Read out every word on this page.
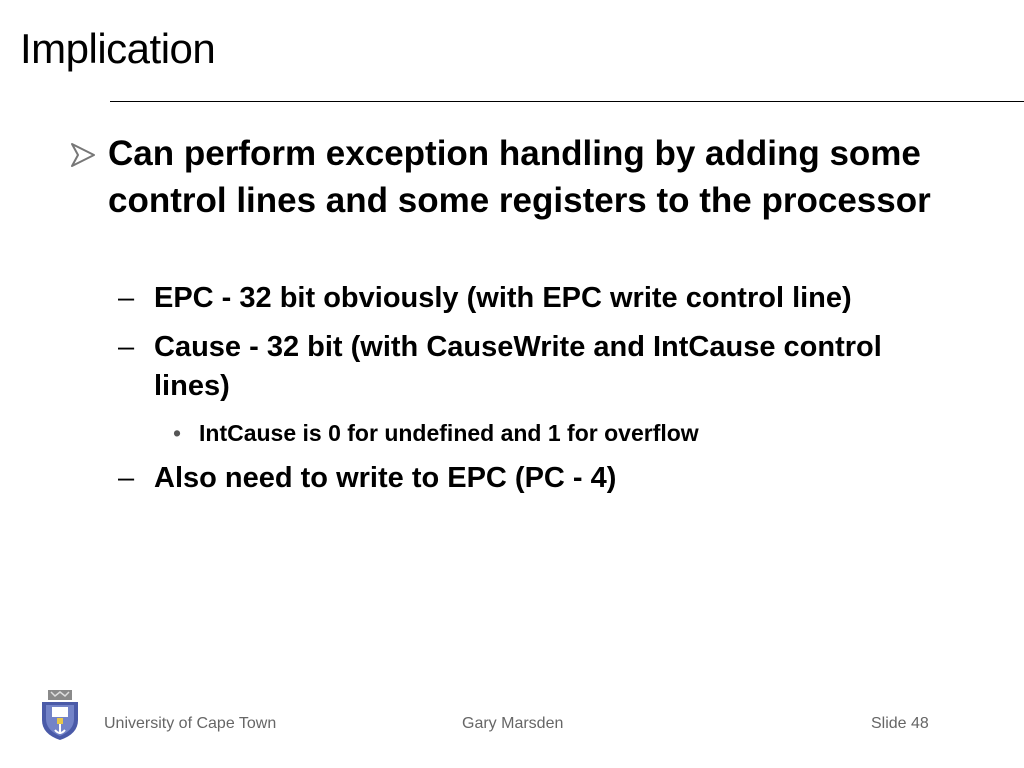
Implication
Can perform exception handling by adding some control lines and some registers to the processor
– EPC - 32 bit obviously (with EPC write control line)
– Cause - 32 bit (with CauseWrite and IntCause control lines)
• IntCause is 0 for undefined and 1 for overflow
– Also need to write to EPC (PC - 4)
University of Cape Town	Gary Marsden	Slide 48
